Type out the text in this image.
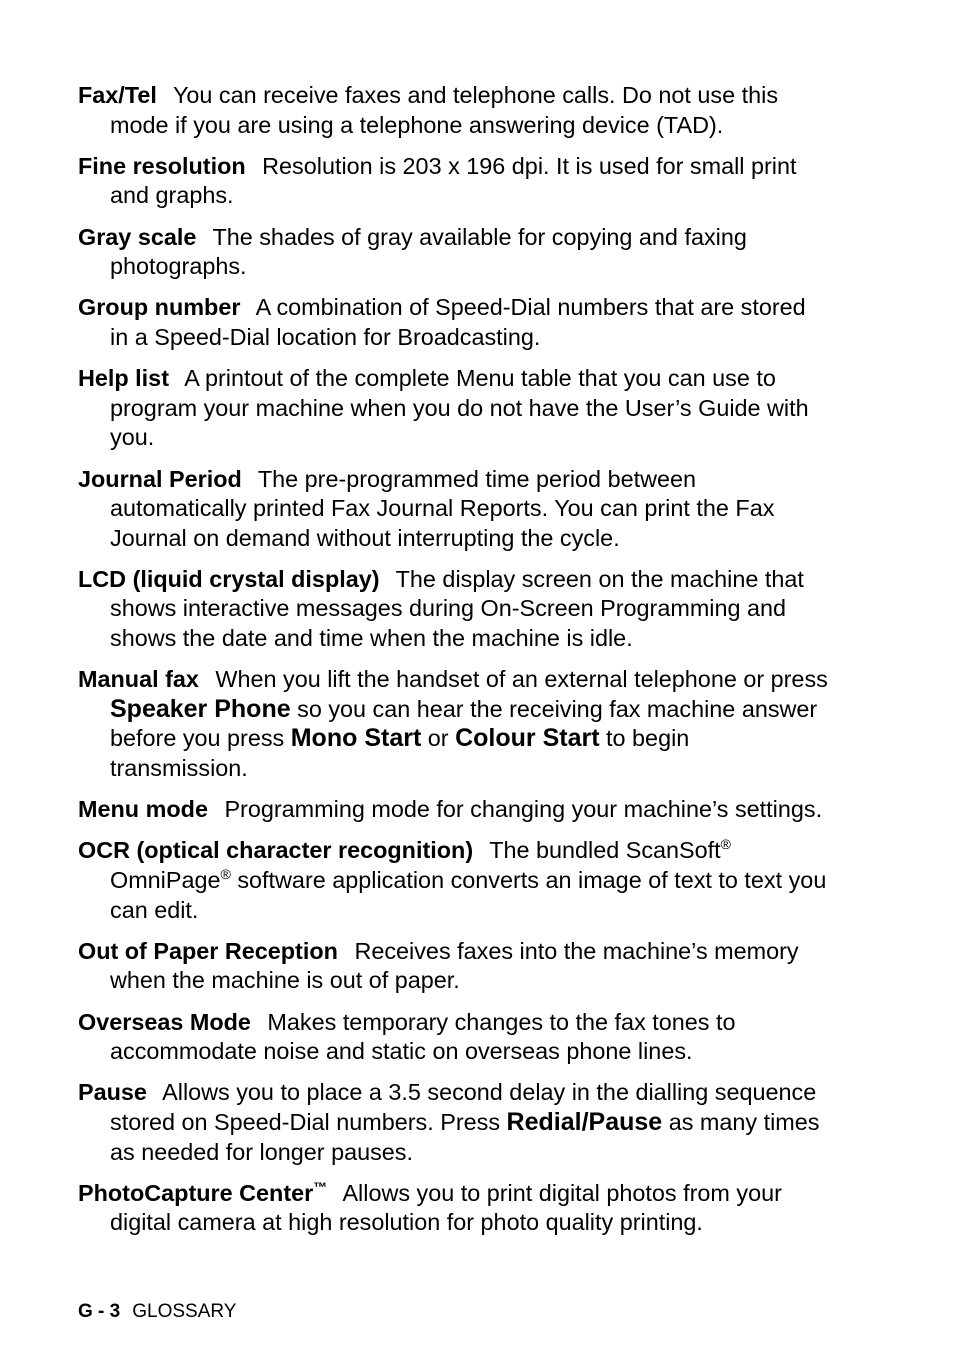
Fax/Tel You can receive faxes and telephone calls. Do not use this mode if you are using a telephone answering device (TAD).

Fine resolution Resolution is 203 x 196 dpi. It is used for small print and graphs.

Gray scale The shades of gray available for copying and faxing photographs.

Group number A combination of Speed-Dial numbers that are stored in a Speed-Dial location for Broadcasting.

Help list A printout of the complete Menu table that you can use to program your machine when you do not have the User’s Guide with you.

Journal Period The pre-programmed time period between automatically printed Fax Journal Reports. You can print the Fax Journal on demand without interrupting the cycle.

LCD (liquid crystal display) The display screen on the machine that shows interactive messages during On-Screen Programming and shows the date and time when the machine is idle.

Manual fax When you lift the handset of an external telephone or press Speaker Phone so you can hear the receiving fax machine answer before you press Mono Start or Colour Start to begin transmission.

Menu mode Programming mode for changing your machine’s settings.

OCR (optical character recognition) The bundled ScanSoft® OmniPage® software application converts an image of text to text you can edit.

Out of Paper Reception Receives faxes into the machine’s memory when the machine is out of paper.

Overseas Mode Makes temporary changes to the fax tones to accommodate noise and static on overseas phone lines.

Pause Allows you to place a 3.5 second delay in the dialling sequence stored on Speed-Dial numbers. Press Redial/Pause as many times as needed for longer pauses.

PhotoCapture Center™ Allows you to print digital photos from your digital camera at high resolution for photo quality printing.

G - 3 GLOSSARY
